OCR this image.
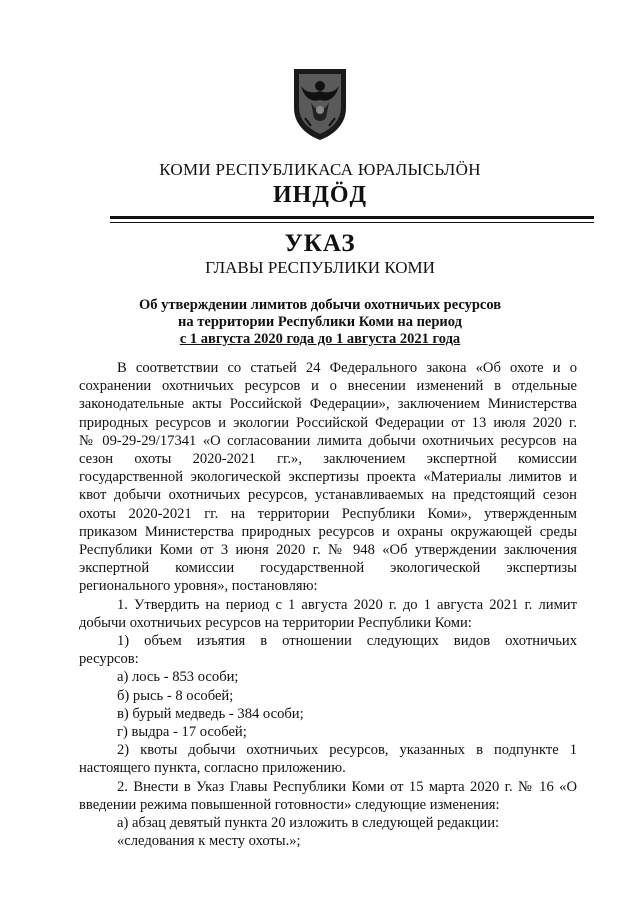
КОМИ РЕСПУБЛИКАСА ЮРАЛЫСЬЛÖН
ИНДÖД
УКАЗ
ГЛАВЫ РЕСПУБЛИКИ КОМИ
Об утверждении лимитов добычи охотничьих ресурсов
на территории Республики Коми на период
с 1 августа 2020 года до 1 августа 2021 года
В соответствии со статьей 24 Федерального закона «Об охоте и о
сохранении охотничьих ресурсов и о внесении изменений в отдельные
законодательные акты Российской Федерации», заключением Министерства
природных ресурсов и экологии Российской Федерации от 13 июля 2020 г.
№ 09-29-29/17341 «О согласовании лимита добычи охотничьих ресурсов на
сезон охоты 2020-2021 гг.», заключением экспертной комиссии
государственной экологической экспертизы проекта «Материалы лимитов и
квот добычи охотничьих ресурсов, устанавливаемых на предстоящий сезон
охоты 2020-2021 гг. на территории Республики Коми», утвержденным
приказом Министерства природных ресурсов и охраны окружающей среды
Республики Коми от 3 июня 2020 г. № 948 «Об утверждении заключения
экспертной комиссии государственной экологической экспертизы
регионального уровня», постановляю:
1. Утвердить на период с 1 августа 2020 г. до 1 августа 2021 г. лимит
добычи охотничьих ресурсов на территории Республики Коми:
1) объем изъятия в отношении следующих видов охотничьих
ресурсов:
а) лось - 853 особи;
б) рысь - 8 особей;
в) бурый медведь - 384 особи;
г) выдра - 17 особей;
2) квоты добычи охотничьих ресурсов, указанных в подпункте 1
настоящего пункта, согласно приложению.
2. Внести в Указ Главы Республики Коми от 15 марта 2020 г. № 16 «О
введении режима повышенной готовности» следующие изменения:
а) абзац девятый пункта 20 изложить в следующей редакции:
«следования к месту охоты.»;
